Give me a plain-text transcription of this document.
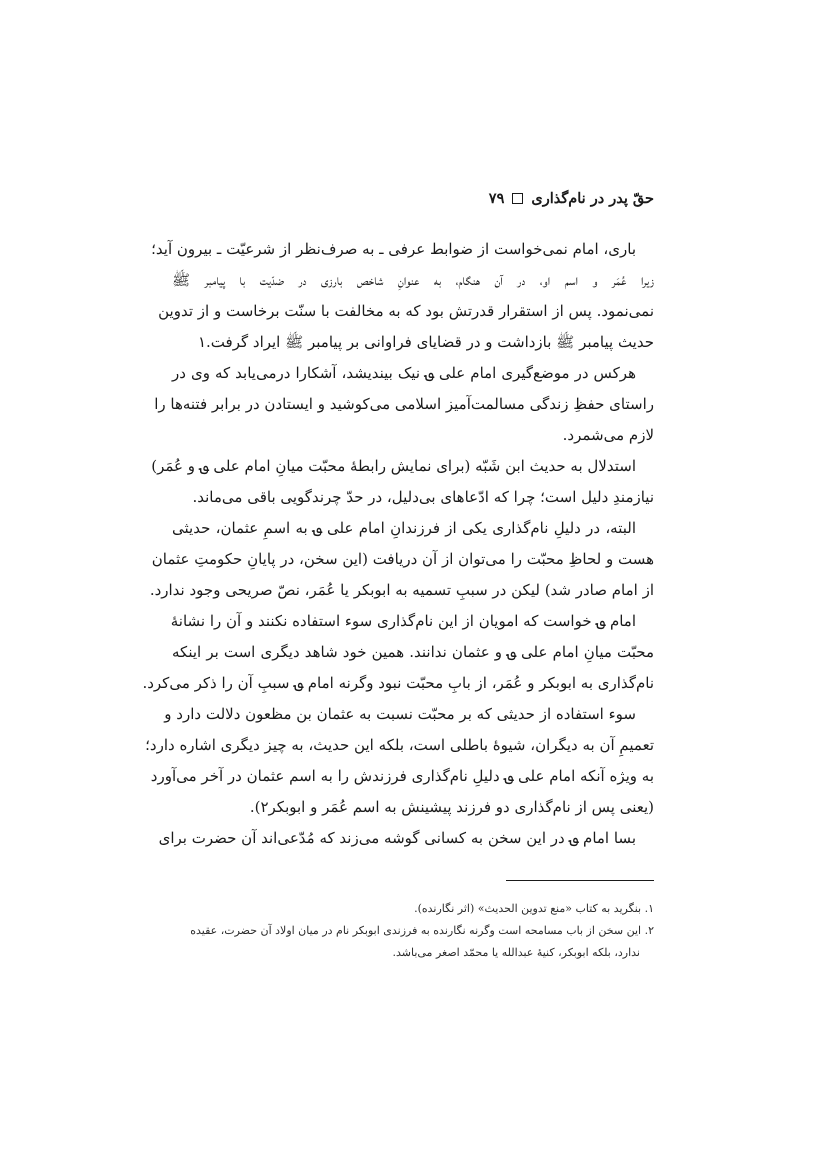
حقّ پدر در نام‌گذاری
۷۹

باری، امام نمی‌خواست از ضوابط عرفی ـ به صرف‌نظر از شرعیّت ـ بیرون آید؛
زیرا عُمَر و اسم او، در آن هنگام، به عنوانِ شاخص بارزی در ضدّیت با پیامبر ﷺ
نمی‌نمود. پس از استقرار قدرتش بود که به مخالفت با سنّت برخاست و از تدوین
حدیث پیامبر ﷺ بازداشت و در قضایای فراوانی بر پیامبر ﷺ ایراد گرفت.۱

هرکس در موضع‌گیری امام علی ؈ نیک بیندیشد، آشکارا درمی‌یابد که وی در
راستای حفظِ زندگی مسالمت‌آمیز اسلامی می‌کوشید و ایستادن در برابر فتنه‌ها را
لازم می‌شمرد.

استدلال به حدیث ابن شَبّه (برای نمایش رابطهٔ محبّت میانِ امام علی ؈ و عُمَر)
نیازمندِ دلیل است؛ چرا که ادّعاهای بی‌دلیل، در حدّ چرندگویی باقی می‌ماند.

البته، در دلیلِ نام‌گذاری یکی از فرزندانِ امام علی ؈ به اسمِ عثمان، حدیثی
هست و لحاظِ محبّت را می‌توان از آن دریافت (این سخن، در پایانِ حکومتِ عثمان
از امام صادر شد) لیکن در سببِ تسمیه به ابوبکر یا عُمَر، نصّ صریحی وجود ندارد.

امام ؈ خواست که امویان از این نام‌گذاری سوء استفاده نکنند و آن را نشانهٔ
محبّت میانِ امام علی ؈ و عثمان ندانند. همین خود شاهد دیگری است بر اینکه
نام‌گذاری به ابوبکر و عُمَر، از بابِ محبّت نبود وگرنه امام ؈ سببِ آن را ذکر می‌کرد.

سوء استفاده از حدیثی که بر محبّت نسبت به عثمان بن مظعون دلالت دارد و
تعمیمِ آن به دیگران، شیوهٔ باطلی است، بلکه این حدیث، به چیز دیگری اشاره دارد؛
به ویژه آنکه امام علی ؈ دلیلِ نام‌گذاری فرزندش را به اسم عثمان در آخر می‌آورد
(یعنی پس از نام‌گذاری دو فرزند پیشینش به اسم عُمَر و ابوبکر۲).

بسا امام ؈ در این سخن به کسانی گوشه می‌زند که مُدّعی‌اند آن حضرت برای

۱. بنگرید به کتاب «منع تدوین الحدیث» (اثر نگارنده).
۲. این سخن از باب مسامحه است وگرنه نگارنده به فرزندی ابوبکر نام در میان اولاد آن حضرت، عقیده
ندارد، بلکه ابوبکر، کنیهٔ عبدالله یا محمّد اصغر می‌باشد.
